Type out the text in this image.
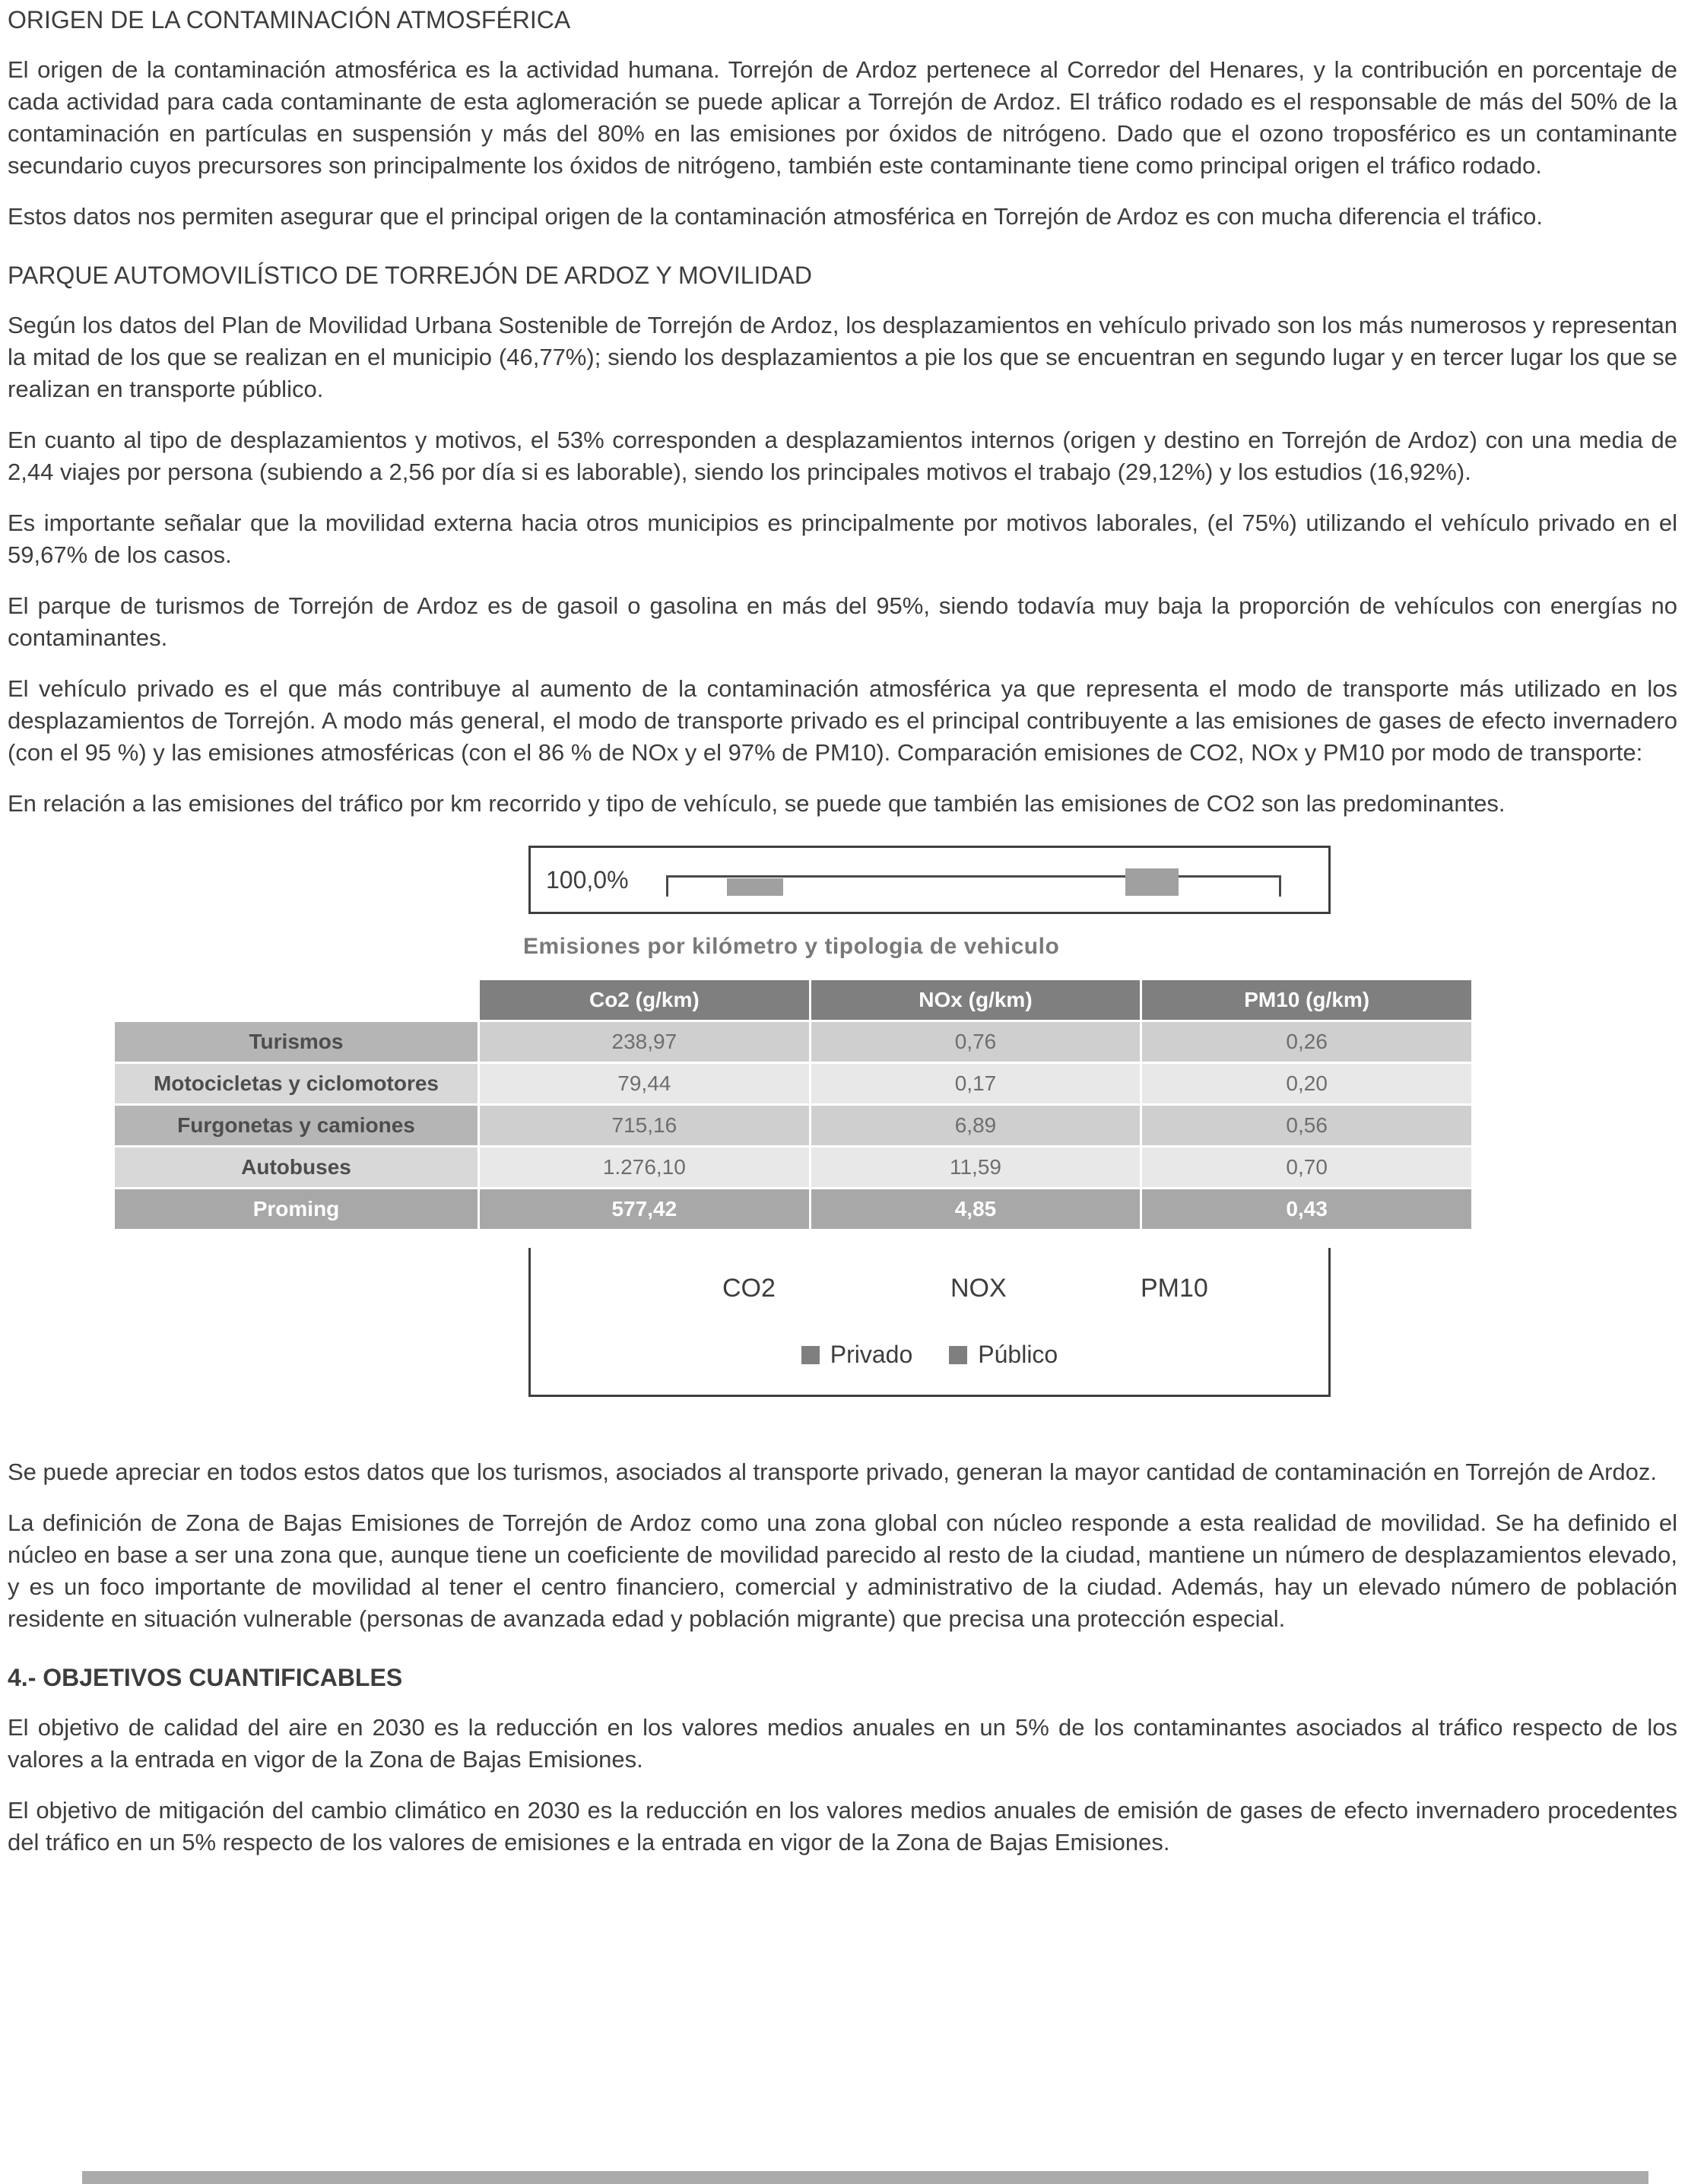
ORIGEN DE LA CONTAMINACIÓN ATMOSFÉRICA

El origen de la contaminación atmosférica es la actividad humana. Torrejón de Ardoz pertenece al Corredor del Henares, y la contribución en porcentaje de cada actividad para cada contaminante de esta aglomeración se puede aplicar a Torrejón de Ardoz. El tráfico rodado es el responsable de más del 50% de la contaminación en partículas en suspensión y más del 80% en las emisiones por óxidos de nitrógeno. Dado que el ozono troposférico es un contaminante secundario cuyos precursores son principalmente los óxidos de nitrógeno, también este contaminante tiene como principal origen el tráfico rodado.

Estos datos nos permiten asegurar que el principal origen de la contaminación atmosférica en Torrejón de Ardoz es con mucha diferencia el tráfico.

PARQUE AUTOMOVILÍSTICO DE TORREJÓN DE ARDOZ Y MOVILIDAD

Según los datos del Plan de Movilidad Urbana Sostenible de Torrejón de Ardoz, los desplazamientos en vehículo privado son los más numerosos y representan la mitad de los que se realizan en el municipio (46,77%); siendo los desplazamientos a pie los que se encuentran en segundo lugar y en tercer lugar los que se realizan en transporte público.

En cuanto al tipo de desplazamientos y motivos, el 53% corresponden a desplazamientos internos (origen y destino en Torrejón de Ardoz) con una media de 2,44 viajes por persona (subiendo a 2,56 por día si es laborable), siendo los principales motivos el trabajo (29,12%) y los estudios (16,92%).

Es importante señalar que la movilidad externa hacia otros municipios es principalmente por motivos laborales, (el 75%) utilizando el vehículo privado en el 59,67% de los casos.

El parque de turismos de Torrejón de Ardoz es de gasoil o gasolina en más del 95%, siendo todavía muy baja la proporción de vehículos con energías no contaminantes.

El vehículo privado es el que más contribuye al aumento de la contaminación atmosférica ya que representa el modo de transporte más utilizado en los desplazamientos de Torrejón. A modo más general, el modo de transporte privado es el principal contribuyente a las emisiones de gases de efecto invernadero (con el 95 %) y las emisiones atmosféricas (con el 86 % de NOx y el 97% de PM10). Comparación emisiones de CO2, NOx y PM10 por modo de transporte:

En relación a las emisiones del tráfico por km recorrido y tipo de vehículo, se puede que también las emisiones de CO2 son las predominantes.

100,0%
Emisiones por kilómetro y tipologia de vehiculo
	Co2 (g/km)	NOx (g/km)	PM10 (g/km)
Turismos	238,97	0,76	0,26
Motocicletas y ciclomotores	79,44	0,17	0,20
Furgonetas y camiones	715,16	6,89	0,56
Autobuses	1.276,10	11,59	0,70
Proming	577,42	4,85	0,43
CO2	NOX	PM10
Privado	Público

Se puede apreciar en todos estos datos que los turismos, asociados al transporte privado, generan la mayor cantidad de contaminación en Torrejón de Ardoz.

La definición de Zona de Bajas Emisiones de Torrejón de Ardoz como una zona global con núcleo responde a esta realidad de movilidad. Se ha definido el núcleo en base a ser una zona que, aunque tiene un coeficiente de movilidad parecido al resto de la ciudad, mantiene un número de desplazamientos elevado, y es un foco importante de movilidad al tener el centro financiero, comercial y administrativo de la ciudad. Además, hay un elevado número de población residente en situación vulnerable (personas de avanzada edad y población migrante) que precisa una protección especial.

4.- OBJETIVOS CUANTIFICABLES

El objetivo de calidad del aire en 2030 es la reducción en los valores medios anuales en un 5% de los contaminantes asociados al tráfico respecto de los valores a la entrada en vigor de la Zona de Bajas Emisiones.

El objetivo de mitigación del cambio climático en 2030 es la reducción en los valores medios anuales de emisión de gases de efecto invernadero procedentes del tráfico en un 5% respecto de los valores de emisiones e la entrada en vigor de la Zona de Bajas Emisiones.
